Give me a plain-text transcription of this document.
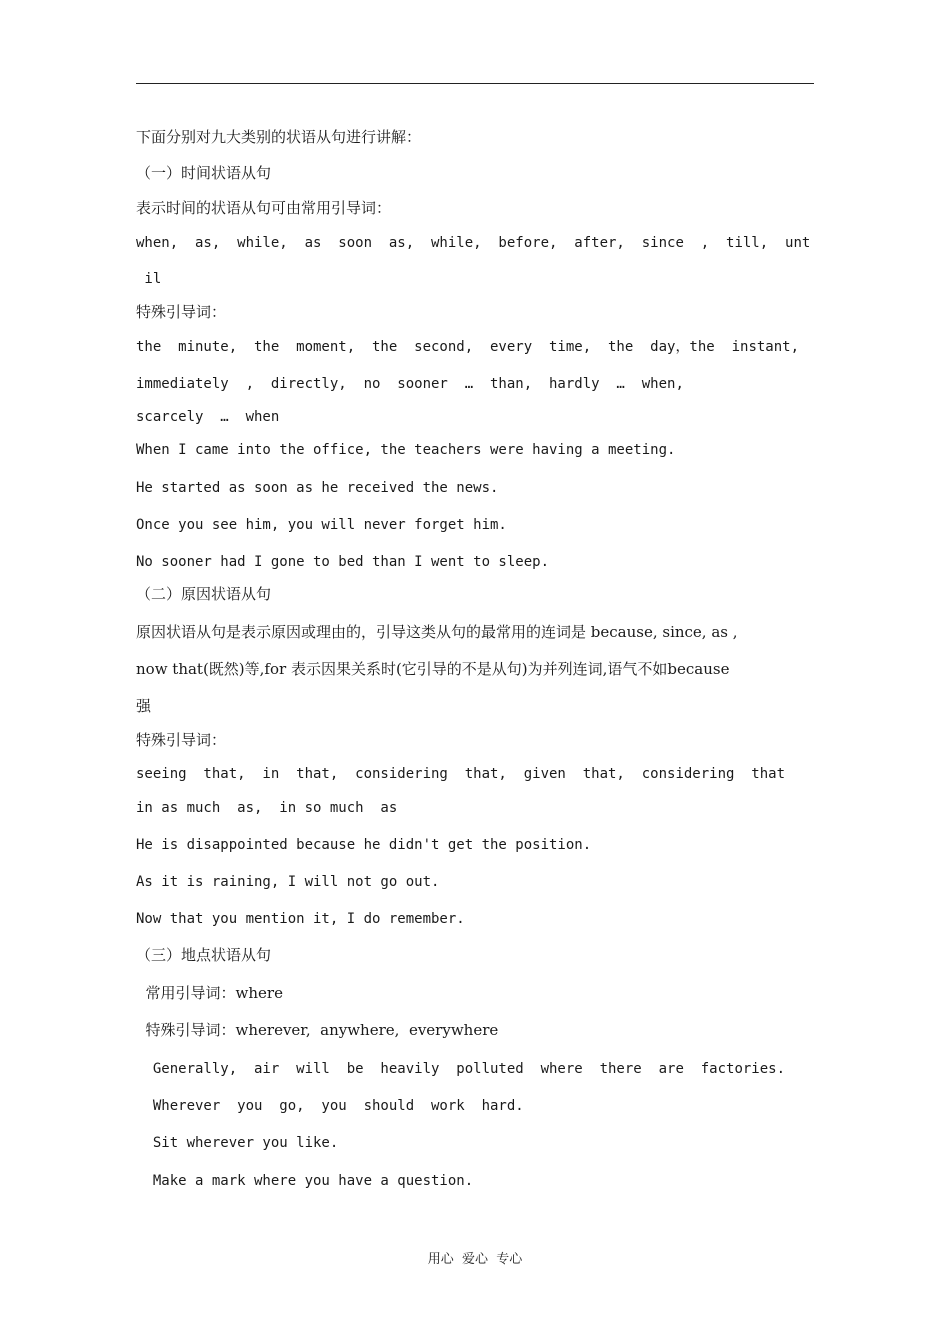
下面分别对九大类别的状语从句进行讲解：
（一）时间状语从句
表示时间的状语从句可由常用引导词：
when,  as,  while,  as  soon  as,  while,  before,  after,  since  ,  till,  unt
il
特殊引导词：
the  minute,  the  moment,  the  second,  every  time,  the  day，the  instant,
immediately  ,  directly,  no  sooner  …  than,  hardly  …  when,
scarcely  …  when
When I came into the office, the teachers were having a meeting.
He started as soon as he received the news.
Once you see him, you will never forget him.
No sooner had I gone to bed than I went to sleep.
（二）原因状语从句
原因状语从句是表示原因或理由的，引导这类从句的最常用的连词是 because, since, as ,
now that(既然)等,for 表示因果关系时(它引导的不是从句)为并列连词,语气不如because
强
特殊引导词：
seeing  that,  in  that,  considering  that,  given  that,  considering  that
in as much  as,  in so much  as
He is disappointed because he didn't get the position.
As it is raining, I will not go out.
Now that you mention it, I do remember.
（三）地点状语从句
常用引导词：where
特殊引导词：wherever,  anywhere,  everywhere
Generally,  air  will  be  heavily  polluted  where  there  are  factories.
Wherever  you  go,  you  should  work  hard.
Sit wherever you like.
Make a mark where you have a question.
用心  爱心  专心
